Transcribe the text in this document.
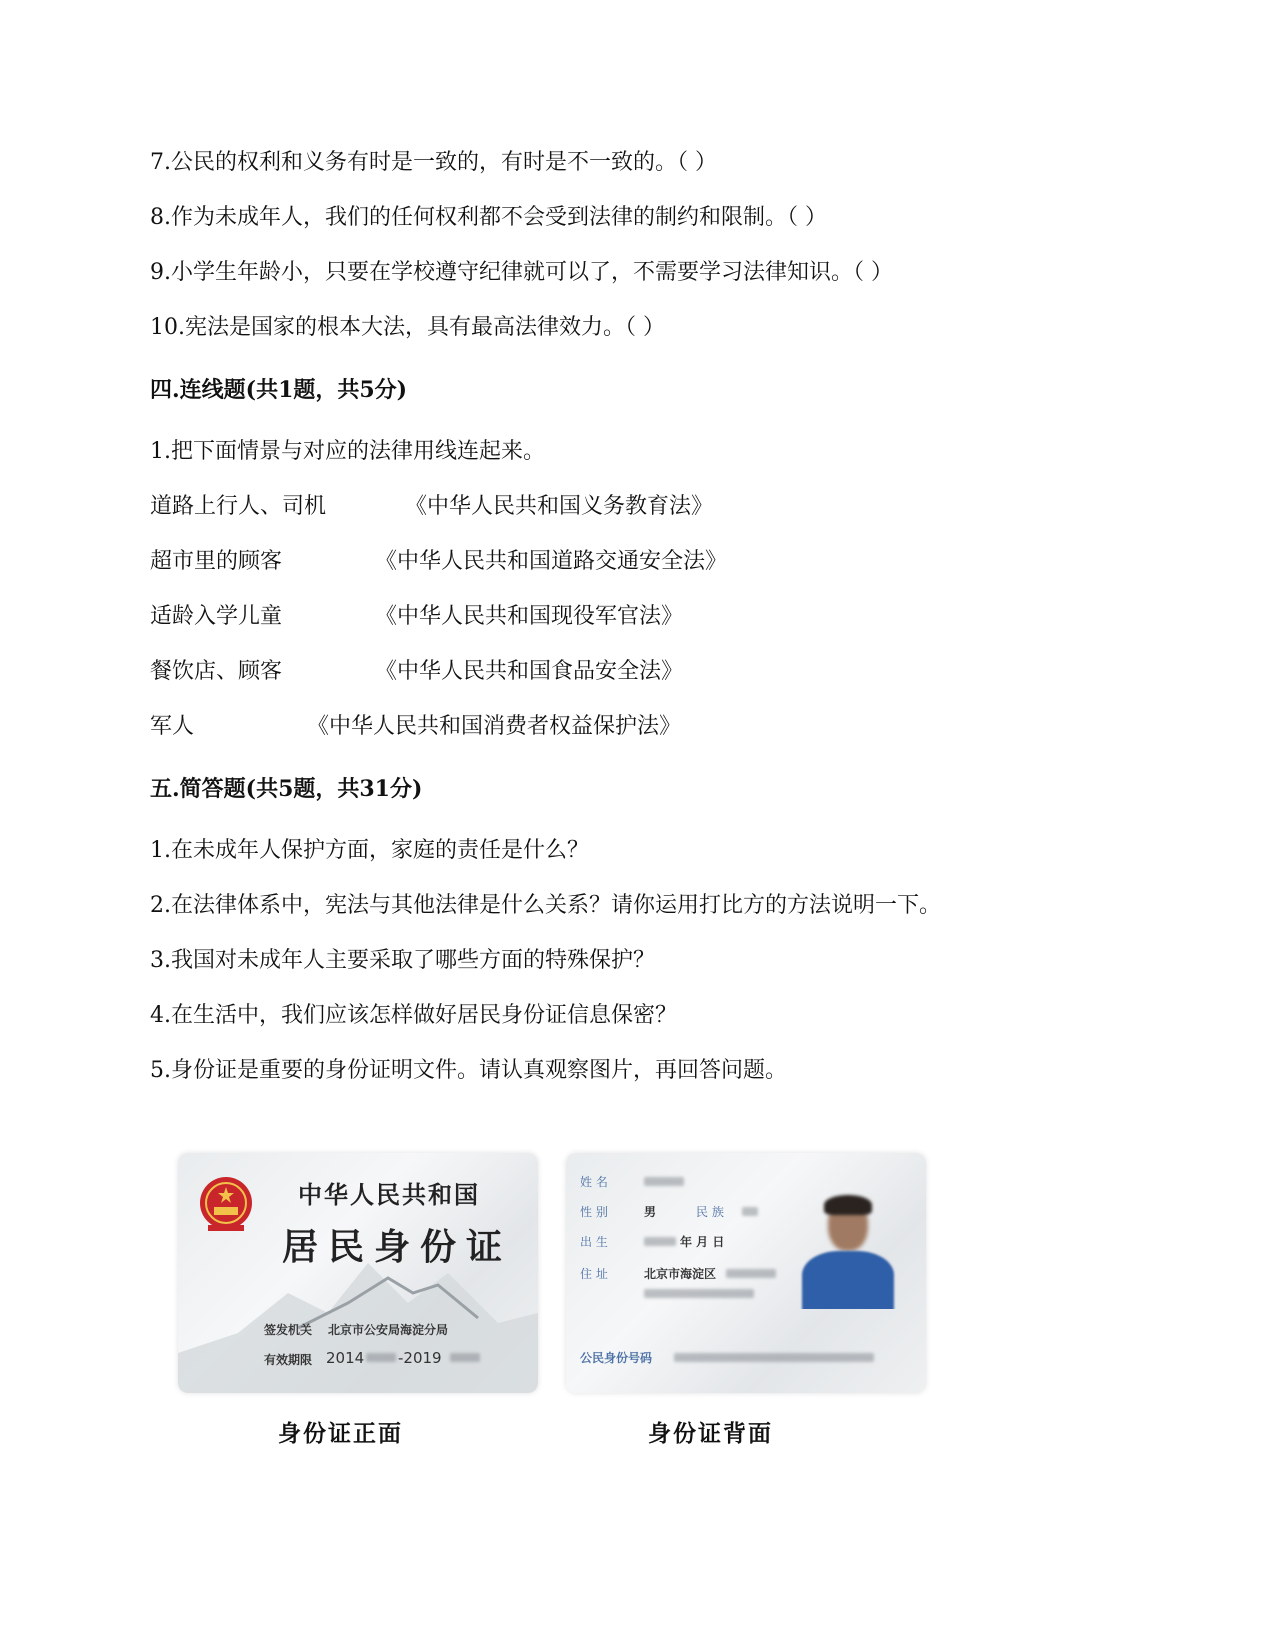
7.公民的权利和义务有时是一致的，有时是不一致的。（ ）
8.作为未成年人，我们的任何权利都不会受到法律的制约和限制。（ ）
9.小学生年龄小，只要在学校遵守纪律就可以了，不需要学习法律知识。（ ）
10.宪法是国家的根本大法，具有最高法律效力。（ ）
四.连线题(共1题，共5分)
1.把下面情景与对应的法律用线连起来。
道路上行人、司机	《中华人民共和国义务教育法》
超市里的顾客	《中华人民共和国道路交通安全法》
适龄入学儿童	《中华人民共和国现役军官法》
餐饮店、顾客	《中华人民共和国食品安全法》
军人	《中华人民共和国消费者权益保护法》
五.简答题(共5题，共31分)
1.在未成年人保护方面，家庭的责任是什么？
2.在法律体系中，宪法与其他法律是什么关系？请你运用打比方的方法说明一下。
3.我国对未成年人主要采取了哪些方面的特殊保护？
4.在生活中，我们应该怎样做好居民身份证信息保密？
5.身份证是重要的身份证明文件。请认真观察图片，再回答问题。
中华人民共和国
居民身份证
签发机关 北京市公安局海淀分局
有效期限 2014 -2019
身份证正面
姓 名
性 别	男	民 族
出 生	年 月 日
住 址	北京市海淀区
公民身份号码
身份证背面
